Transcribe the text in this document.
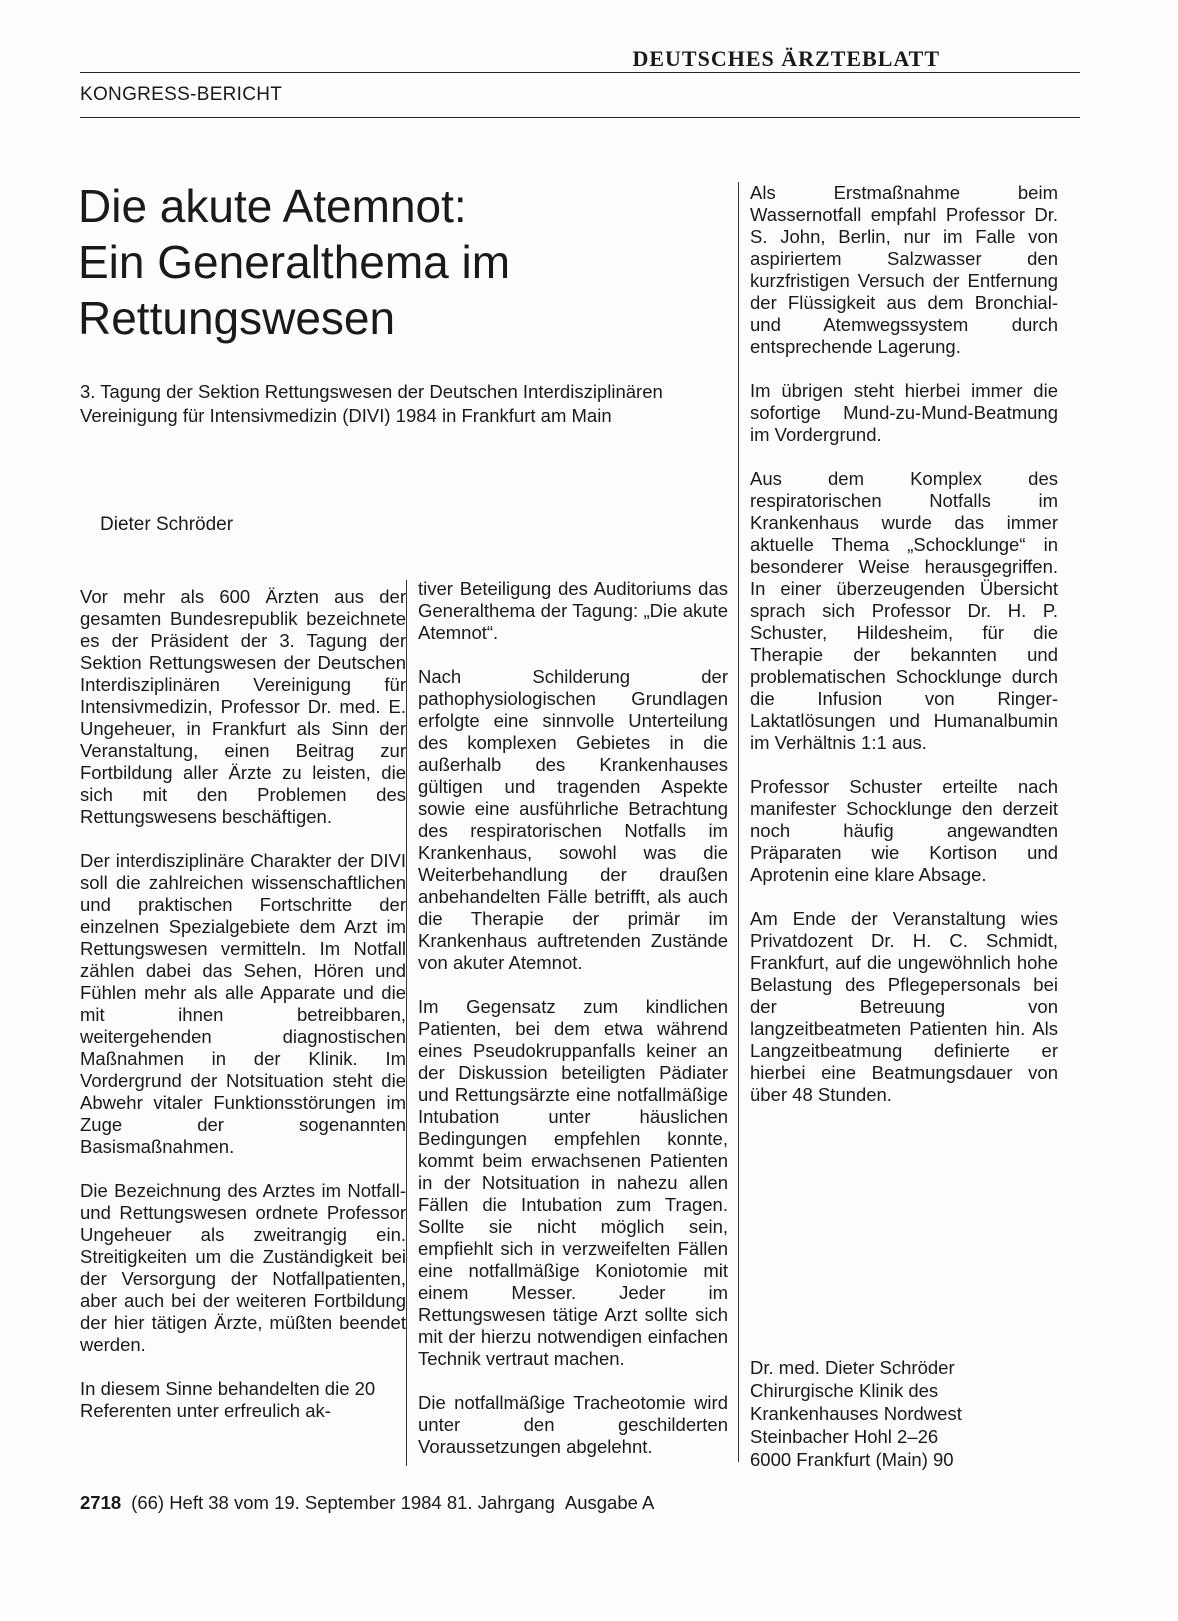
DEUTSCHES ÄRZTEBLATT
KONGRESS-BERICHT
Die akute Atemnot:
Ein Generalthema im
Rettungswesen

3. Tagung der Sektion Rettungswesen der Deutschen Interdisziplinären Vereinigung für Intensivmedizin (DIVI) 1984 in Frankfurt am Main

Dieter Schröder

Vor mehr als 600 Ärzten aus der gesamten Bundesrepublik bezeichnete es der Präsident der 3. Tagung der Sektion Rettungswesen der Deutschen Interdisziplinären Vereinigung für Intensivmedizin, Professor Dr. med. E. Ungeheuer, in Frankfurt als Sinn der Veranstaltung, einen Beitrag zur Fortbildung aller Ärzte zu leisten, die sich mit den Problemen des Rettungswesens beschäftigen.

Der interdisziplinäre Charakter der DIVI soll die zahlreichen wissenschaftlichen und praktischen Fortschritte der einzelnen Spezialgebiete dem Arzt im Rettungswesen vermitteln. Im Notfall zählen dabei das Sehen, Hören und Fühlen mehr als alle Apparate und die mit ihnen betreibbaren, weitergehenden diagnostischen Maßnahmen in der Klinik. Im Vordergrund der Notsituation steht die Abwehr vitaler Funktionsstörungen im Zuge der sogenannten Basismaßnahmen.

Die Bezeichnung des Arztes im Notfall- und Rettungswesen ordnete Professor Ungeheuer als zweitrangig ein. Streitigkeiten um die Zuständigkeit bei der Versorgung der Notfallpatienten, aber auch bei der weiteren Fortbildung der hier tätigen Ärzte, müßten beendet werden.

In diesem Sinne behandelten die 20 Referenten unter erfreulich ak-

tiver Beteiligung des Auditoriums das Generalthema der Tagung: „Die akute Atemnot“.

Nach Schilderung der pathophysiologischen Grundlagen erfolgte eine sinnvolle Unterteilung des komplexen Gebietes in die außerhalb des Krankenhauses gültigen und tragenden Aspekte sowie eine ausführliche Betrachtung des respiratorischen Notfalls im Krankenhaus, sowohl was die Weiterbehandlung der draußen anbehandelten Fälle betrifft, als auch die Therapie der primär im Krankenhaus auftretenden Zustände von akuter Atemnot.

Im Gegensatz zum kindlichen Patienten, bei dem etwa während eines Pseudokruppanfalls keiner an der Diskussion beteiligten Pädiater und Rettungsärzte eine notfallmäßige Intubation unter häuslichen Bedingungen empfehlen konnte, kommt beim erwachsenen Patienten in der Notsituation in nahezu allen Fällen die Intubation zum Tragen. Sollte sie nicht möglich sein, empfiehlt sich in verzweifelten Fällen eine notfallmäßige Koniotomie mit einem Messer. Jeder im Rettungswesen tätige Arzt sollte sich mit der hierzu notwendigen einfachen Technik vertraut machen.

Die notfallmäßige Tracheotomie wird unter den geschilderten Voraussetzungen abgelehnt.

Als Erstmaßnahme beim Wassernotfall empfahl Professor Dr. S. John, Berlin, nur im Falle von aspiriertem Salzwasser den kurzfristigen Versuch der Entfernung der Flüssigkeit aus dem Bronchial- und Atemwegssystem durch entsprechende Lagerung.

Im übrigen steht hierbei immer die sofortige Mund-zu-Mund-Beatmung im Vordergrund.

Aus dem Komplex des respiratorischen Notfalls im Krankenhaus wurde das immer aktuelle Thema „Schocklunge“ in besonderer Weise herausgegriffen. In einer überzeugenden Übersicht sprach sich Professor Dr. H. P. Schuster, Hildesheim, für die Therapie der bekannten und problematischen Schocklunge durch die Infusion von Ringer-Laktatlösungen und Humanalbumin im Verhältnis 1:1 aus.

Professor Schuster erteilte nach manifester Schocklunge den derzeit noch häufig angewandten Präparaten wie Kortison und Aprotenin eine klare Absage.

Am Ende der Veranstaltung wies Privatdozent Dr. H. C. Schmidt, Frankfurt, auf die ungewöhnlich hohe Belastung des Pflegepersonals bei der Betreuung von langzeitbeatmeten Patienten hin. Als Langzeitbeatmung definierte er hierbei eine Beatmungsdauer von über 48 Stunden.

Dr. med. Dieter Schröder
Chirurgische Klinik des
Krankenhauses Nordwest
Steinbacher Hohl 2–26
6000 Frankfurt (Main) 90
2718 (66) Heft 38 vom 19. September 1984 81. Jahrgang Ausgabe A
